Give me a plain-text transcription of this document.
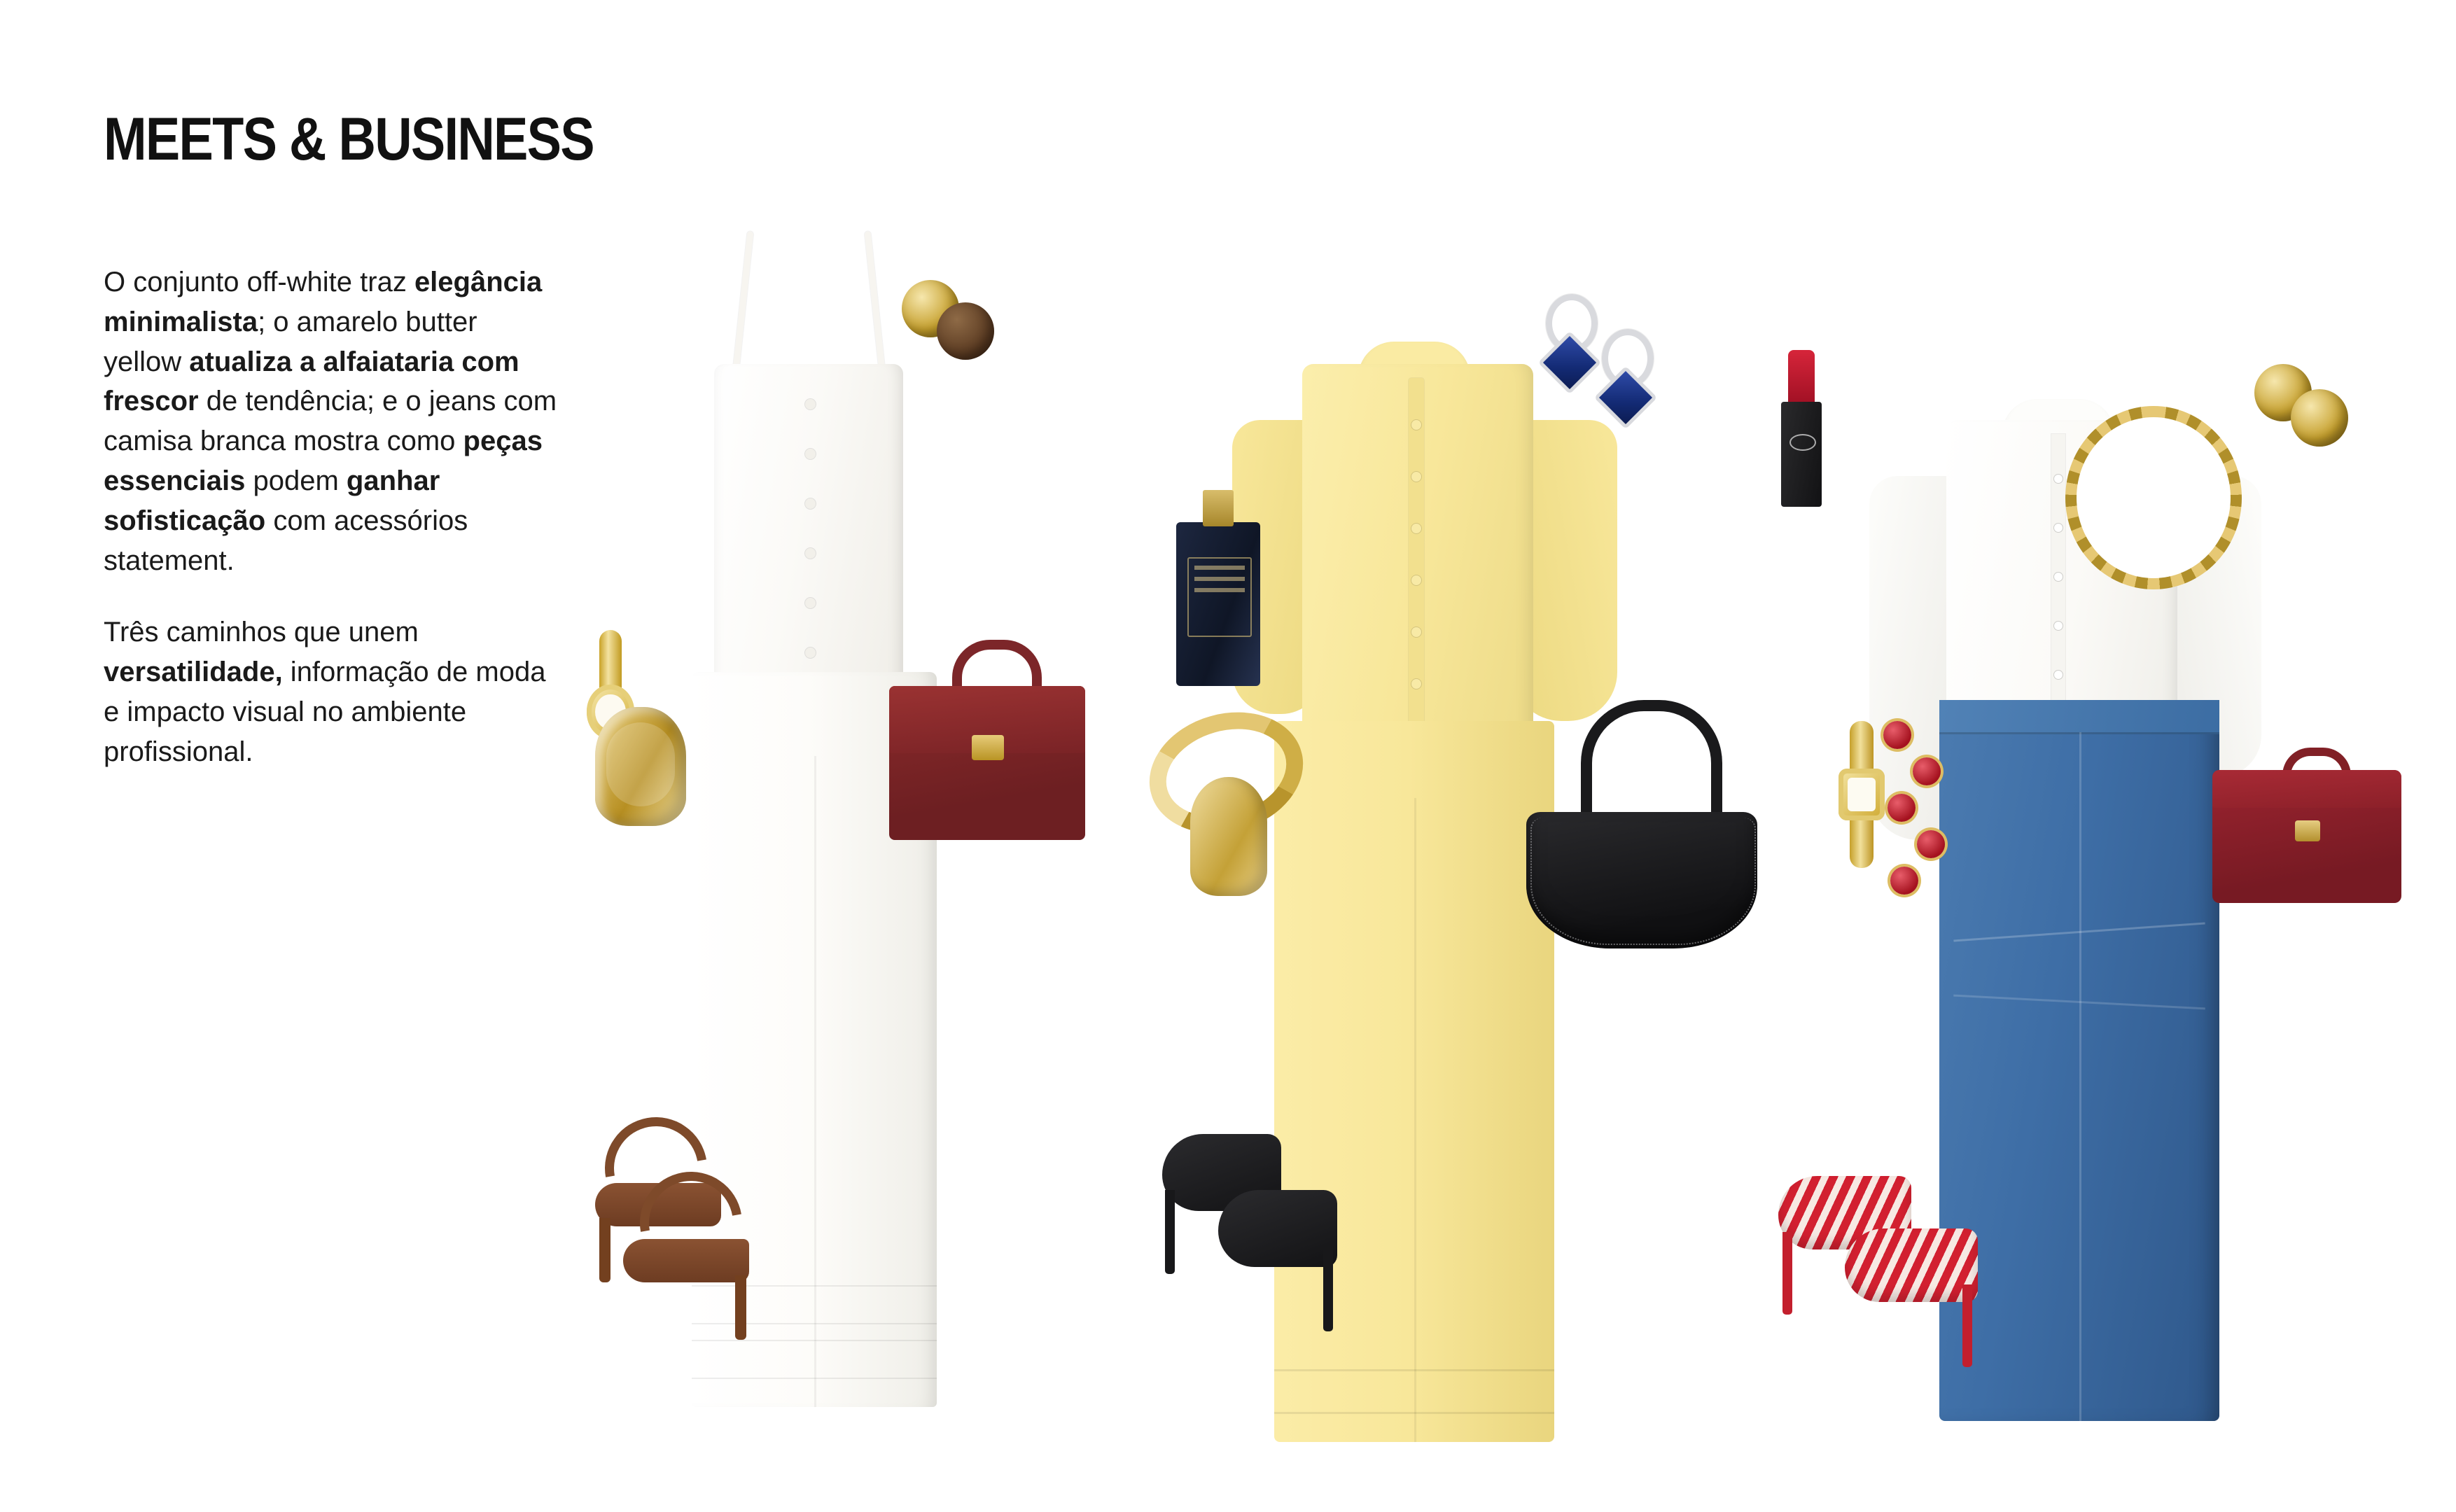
MEETS & BUSINESS

O conjunto off-white traz elegância minimalista; o amarelo butter yellow atualiza a alfaiataria com frescor de tendência; e o jeans com camisa branca mostra como peças essenciais podem ganhar sofisticação com acessórios statement.

Três caminhos que unem versatilidade, informação de moda e impacto visual no ambiente profissional.
